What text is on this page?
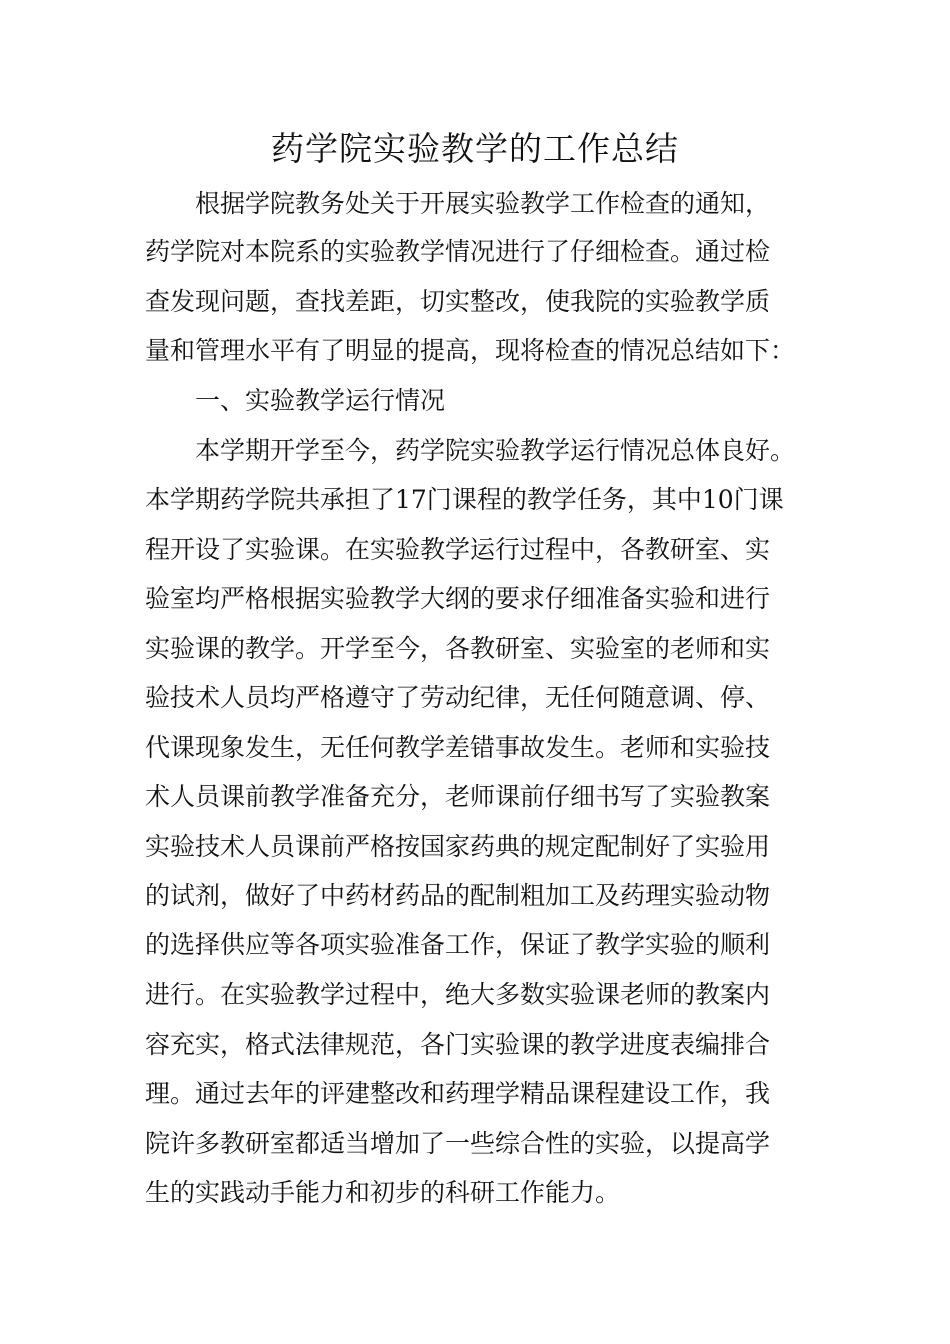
药学院实验教学的工作总结

　　根据学院教务处关于开展实验教学工作检查的通知，

药学院对本院系的实验教学情况进行了仔细检查。通过检

查发现问题，查找差距，切实整改，使我院的实验教学质

量和管理水平有了明显的提高，现将检查的情况总结如下：

　　一、实验教学运行情况

　　本学期开学至今，药学院实验教学运行情况总体良好。

本学期药学院共承担了17门课程的教学任务，其中10门课

程开设了实验课。在实验教学运行过程中，各教研室、实

验室均严格根据实验教学大纲的要求仔细准备实验和进行

实验课的教学。开学至今，各教研室、实验室的老师和实

验技术人员均严格遵守了劳动纪律，无任何随意调、停、

代课现象发生，无任何教学差错事故发生。老师和实验技

术人员课前教学准备充分，老师课前仔细书写了实验教案

实验技术人员课前严格按国家药典的规定配制好了实验用

的试剂，做好了中药材药品的配制粗加工及药理实验动物

的选择供应等各项实验准备工作，保证了教学实验的顺利

进行。在实验教学过程中，绝大多数实验课老师的教案内

容充实，格式法律规范，各门实验课的教学进度表编排合

理。通过去年的评建整改和药理学精品课程建设工作，我

院许多教研室都适当增加了一些综合性的实验，以提高学

生的实践动手能力和初步的科研工作能力。
